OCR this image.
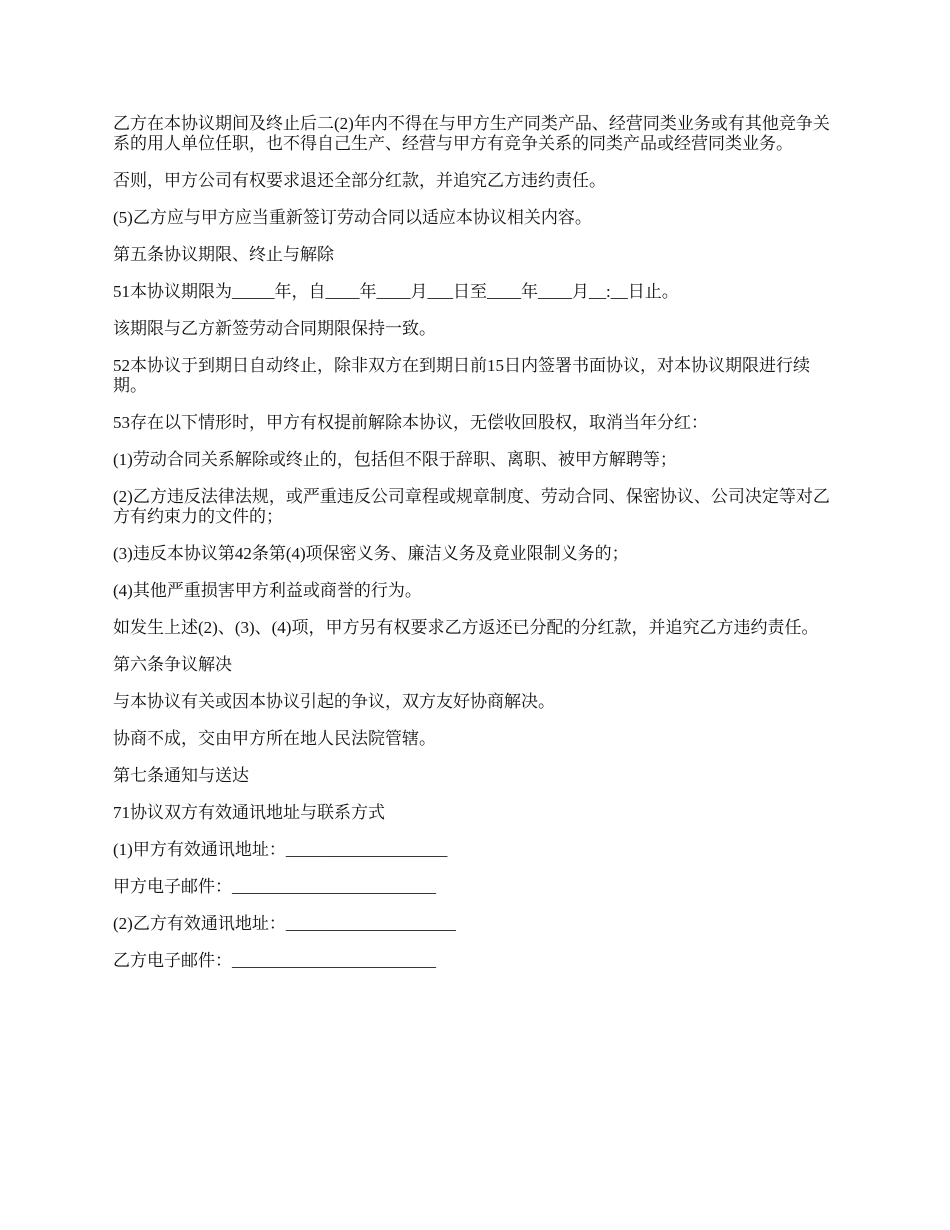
乙方在本协议期间及终止后二(2)年内不得在与甲方生产同类产品、经营同类业务或有其他竞争关系的用人单位任职，也不得自己生产、经营与甲方有竞争关系的同类产品或经营同类业务。

否则，甲方公司有权要求退还全部分红款，并追究乙方违约责任。

(5)乙方应与甲方应当重新签订劳动合同以适应本协议相关内容。

第五条协议期限、终止与解除

51本协议期限为_____年，自____年____月___日至____年____月__:__日止。

该期限与乙方新签劳动合同期限保持一致。

52本协议于到期日自动终止，除非双方在到期日前15日内签署书面协议，对本协议期限进行续期。

53存在以下情形时，甲方有权提前解除本协议，无偿收回股权，取消当年分红：

(1)劳动合同关系解除或终止的，包括但不限于辞职、离职、被甲方解聘等；

(2)乙方违反法律法规，或严重违反公司章程或规章制度、劳动合同、保密协议、公司决定等对乙方有约束力的文件的；

(3)违反本协议第42条第(4)项保密义务、廉洁义务及竟业限制义务的；

(4)其他严重损害甲方利益或商誉的行为。

如发生上述(2)、(3)、(4)项，甲方另有权要求乙方返还已分配的分红款，并追究乙方违约责任。

第六条争议解决

与本协议有关或因本协议引起的争议，双方友好协商解决。

协商不成，交由甲方所在地人民法院管辖。

第七条通知与送达

71协议双方有效通讯地址与联系方式

(1)甲方有效通讯地址：___________________

甲方电子邮件：________________________

(2)乙方有效通讯地址：____________________

乙方电子邮件：________________________
